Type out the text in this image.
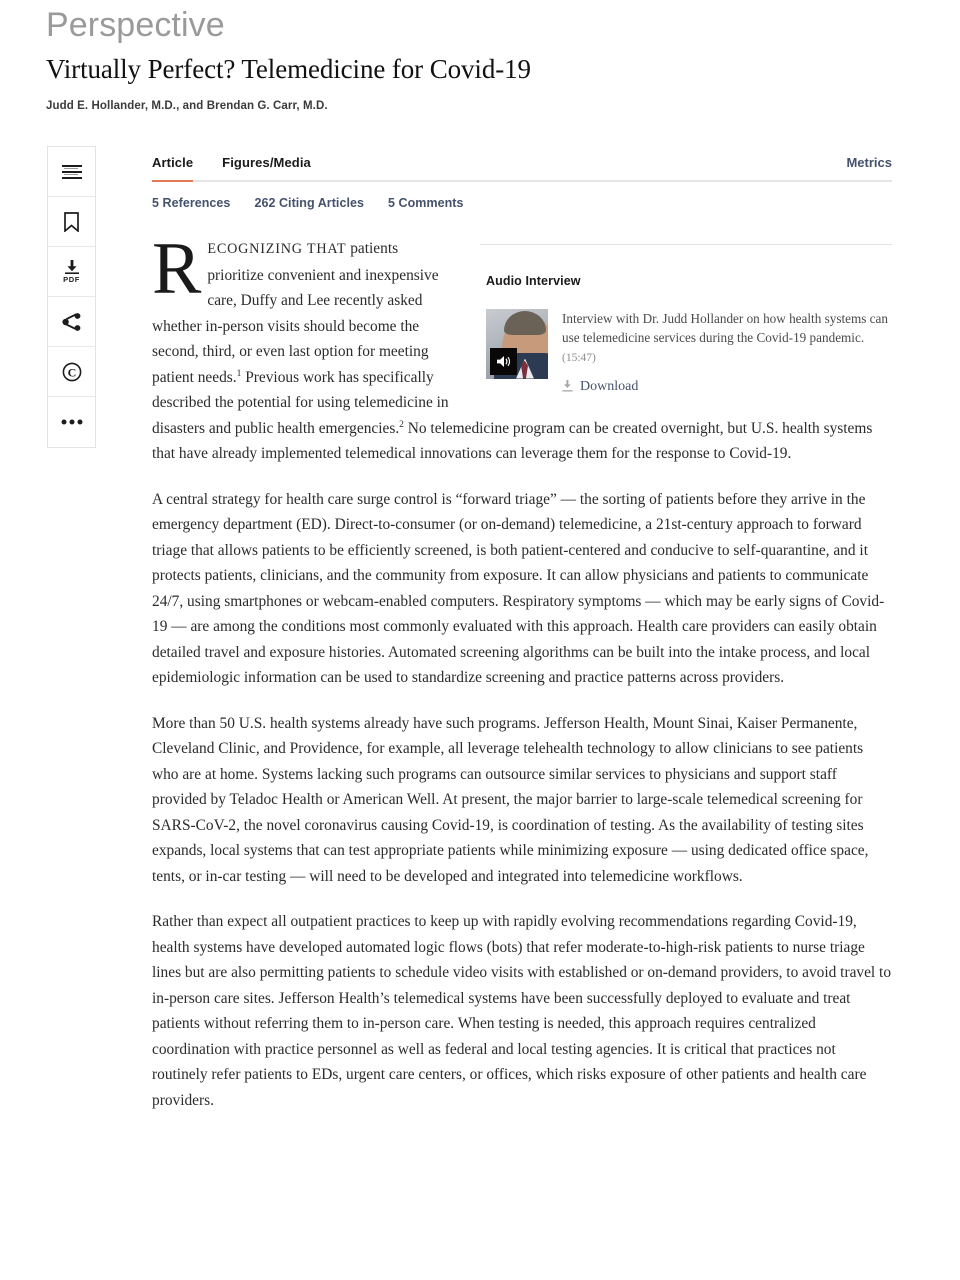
Perspective
Virtually Perfect? Telemedicine for Covid-19
Judd E. Hollander, M.D., and Brendan G. Carr, M.D.
PDF
C
Article Figures/Media	Metrics
5 References 262 Citing Articles 5 Comments
Audio Interview
Interview with Dr. Judd Hollander on how health systems can use telemedicine services during the Covid-19 pandemic. (15:47)
Download

RECOGNIZING THAT patients prioritize convenient and inexpensive care, Duffy and Lee recently asked whether in-person visits should become the second, third, or even last option for meeting patient needs.$^1$ Previous work has specifically described the potential for using telemedicine in disasters and public health emergencies.$^2$ No telemedicine program can be created overnight, but U.S. health systems that have already implemented telemedical innovations can leverage them for the response to Covid-19.

A central strategy for health care surge control is “forward triage” — the sorting of patients before they arrive in the emergency department (ED). Direct-to-consumer (or on-demand) telemedicine, a 21st-century approach to forward triage that allows patients to be efficiently screened, is both patient-centered and conducive to self-quarantine, and it protects patients, clinicians, and the community from exposure. It can allow physicians and patients to communicate 24/7, using smartphones or webcam-enabled computers. Respiratory symptoms — which may be early signs of Covid-19 — are among the conditions most commonly evaluated with this approach. Health care providers can easily obtain detailed travel and exposure histories. Automated screening algorithms can be built into the intake process, and local epidemiologic information can be used to standardize screening and practice patterns across providers.

More than 50 U.S. health systems already have such programs. Jefferson Health, Mount Sinai, Kaiser Permanente, Cleveland Clinic, and Providence, for example, all leverage telehealth technology to allow clinicians to see patients who are at home. Systems lacking such programs can outsource similar services to physicians and support staff provided by Teladoc Health or American Well. At present, the major barrier to large-scale telemedical screening for SARS-CoV-2, the novel coronavirus causing Covid-19, is coordination of testing. As the availability of testing sites expands, local systems that can test appropriate patients while minimizing exposure — using dedicated office space, tents, or in-car testing — will need to be developed and integrated into telemedicine workflows.

Rather than expect all outpatient practices to keep up with rapidly evolving recommendations regarding Covid-19, health systems have developed automated logic flows (bots) that refer moderate-to-high-risk patients to nurse triage lines but are also permitting patients to schedule video visits with established or on-demand providers, to avoid travel to in-person care sites. Jefferson Health’s telemedical systems have been successfully deployed to evaluate and treat patients without referring them to in-person care. When testing is needed, this approach requires centralized coordination with practice personnel as well as federal and local testing agencies. It is critical that practices not routinely refer patients to EDs, urgent care centers, or offices, which risks exposure of other patients and health care providers.
